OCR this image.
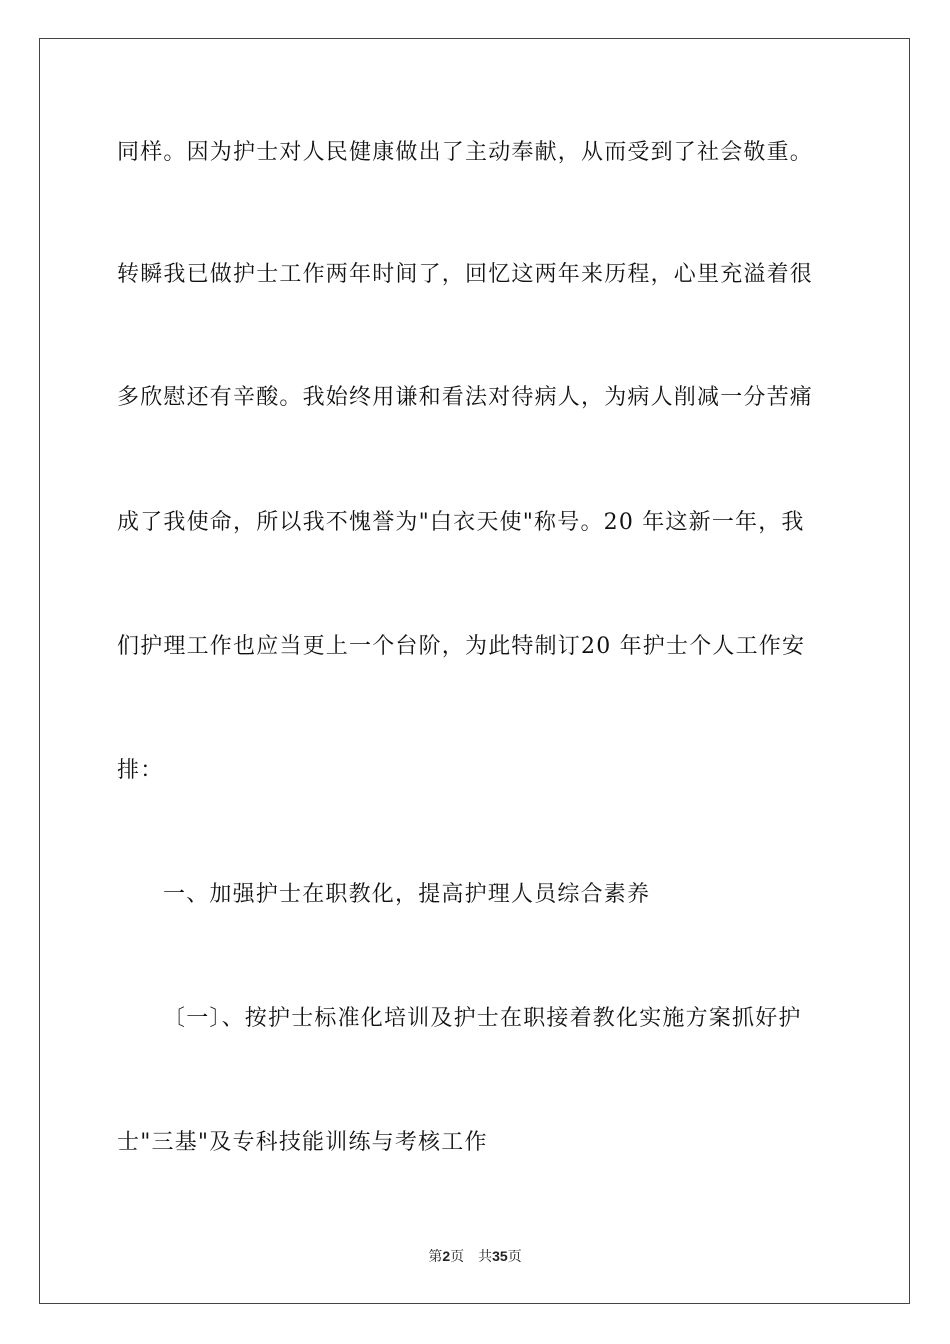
同样。因为护士对人民健康做出了主动奉献，从而受到了社会敬重。
转瞬我已做护士工作两年时间了，回忆这两年来历程，心里充溢着很
多欣慰还有辛酸。我始终用谦和看法对待病人，为病人削减一分苦痛
成了我使命，所以我不愧誉为"白衣天使"称号。20 年这新一年，我
们护理工作也应当更上一个台阶，为此特制订20 年护士个人工作安
排：
一、加强护士在职教化，提高护理人员综合素养
〔一〕、按护士标准化培训及护士在职接着教化实施方案抓好护
士"三基"及专科技能训练与考核工作
第2页 共35页
